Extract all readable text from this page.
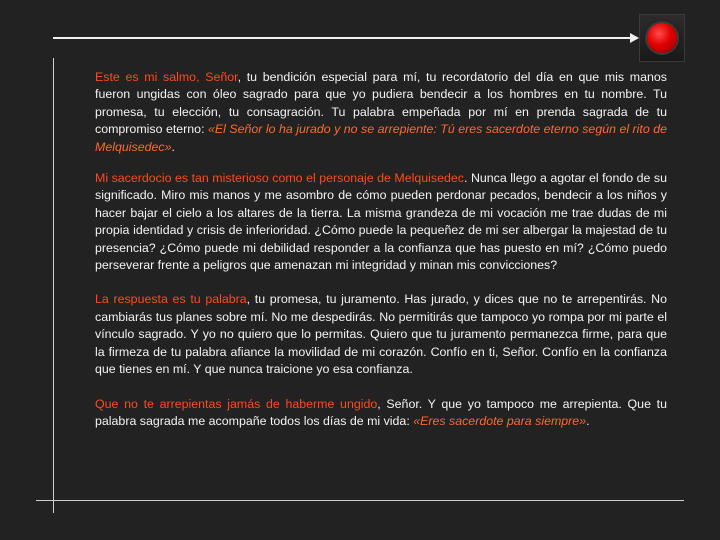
Este es mi salmo, Señor, tu bendición especial para mí, tu recordatorio del día en que mis manos fueron ungidas con óleo sagrado para que yo pudiera bendecir a los hombres en tu nombre. Tu promesa, tu elección, tu consagración. Tu palabra empeñada por mí en prenda sagrada de tu compromiso eterno: «El Señor lo ha jurado y no se arrepiente: Tú eres sacerdote eterno según el rito de Melquisedec».

Mi sacerdocio es tan misterioso como el personaje de Melquisedec. Nunca llego a agotar el fondo de su significado. Miro mis manos y me asombro de cómo pueden perdonar pecados, bendecir a los niños y hacer bajar el cielo a los altares de la tierra. La misma grandeza de mi vocación me trae dudas de mi propia identidad y crisis de inferioridad. ¿Cómo puede la pequeñez de mi ser albergar la majestad de tu presencia? ¿Cómo puede mi debilidad responder a la confianza que has puesto en mí? ¿Cómo puedo perseverar frente a peligros que amenazan mi integridad y minan mis convicciones?

La respuesta es tu palabra, tu promesa, tu juramento. Has jurado, y dices que no te arrepentirás. No cambiarás tus planes sobre mí. No me despedirás. No permitirás que tampoco yo rompa por mi parte el vínculo sagrado. Y yo no quiero que lo permitas. Quiero que tu juramento permanezca firme, para que la firmeza de tu palabra afiance la movilidad de mi corazón. Confío en ti, Señor. Confío en la confianza que tienes en mí. Y que nunca traicione yo esa confianza.

Que no te arrepientas jamás de haberme ungido, Señor. Y que yo tampoco me arrepienta. Que tu palabra sagrada me acompañe todos los días de mi vida: «Eres sacerdote para siempre».
